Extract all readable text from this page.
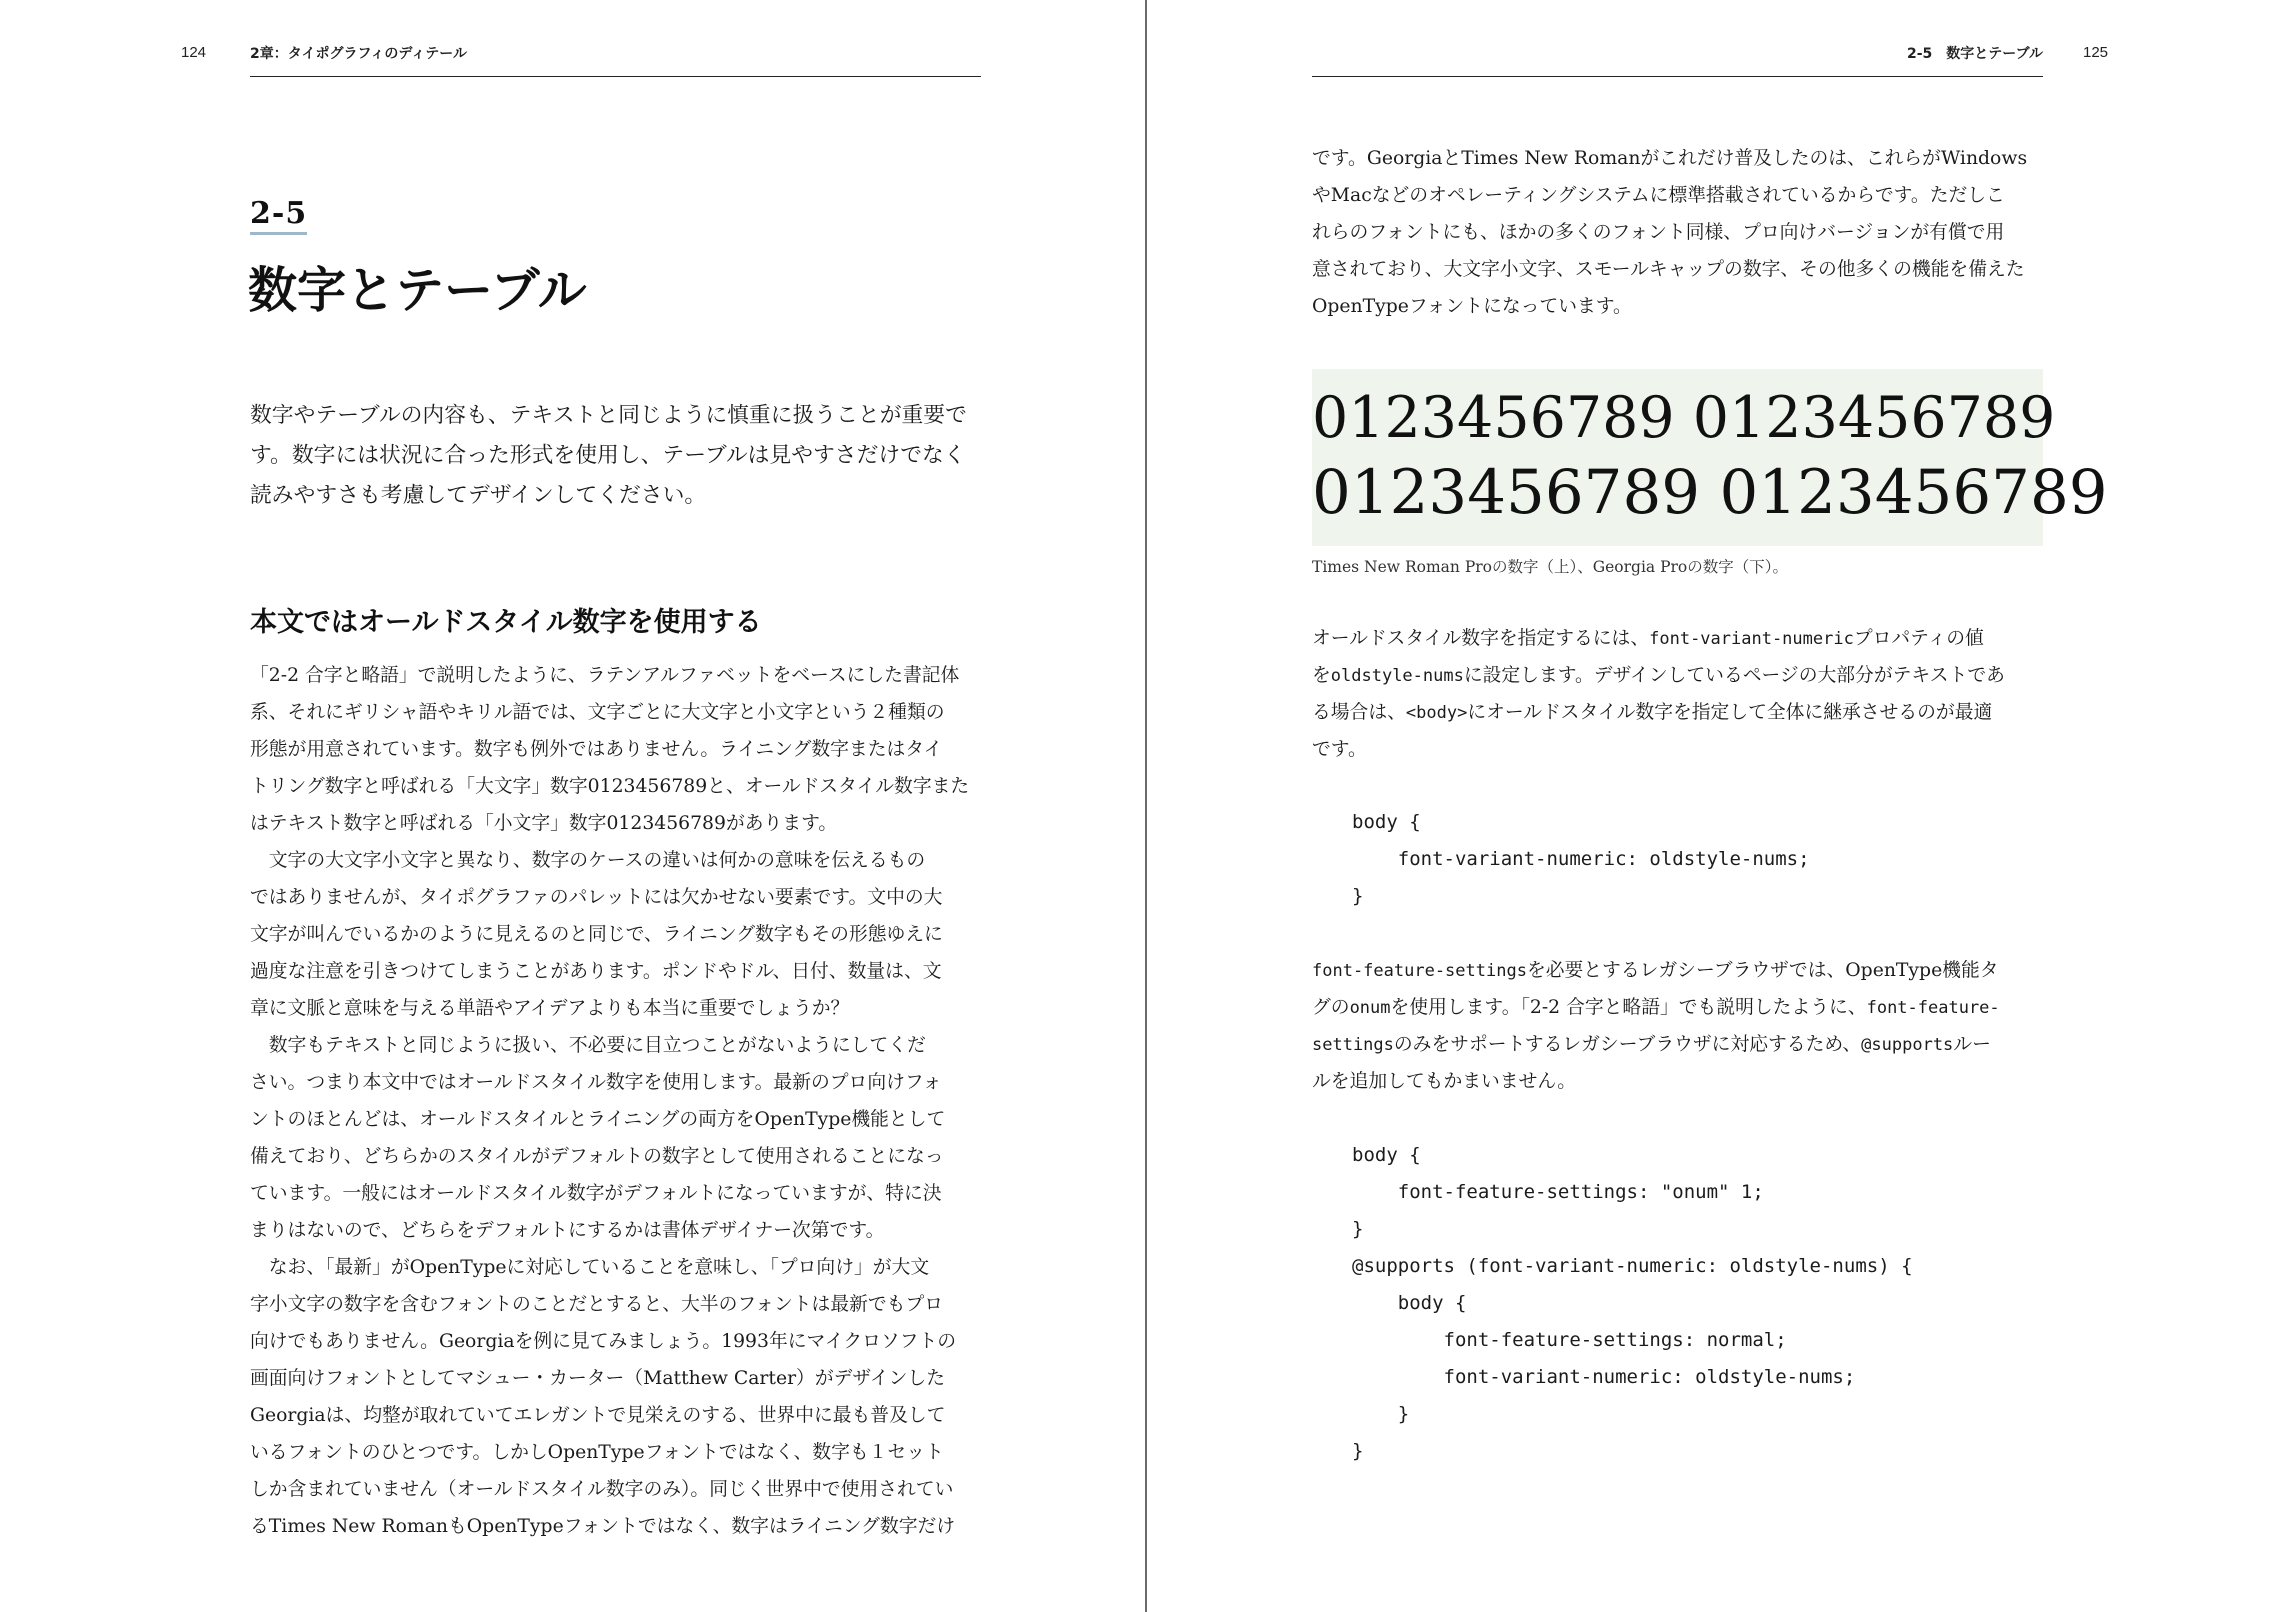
124	2章：タイポグラフィのディテール
2-5
数字とテーブル

数字やテーブルの内容も、テキストと同じように慎重に扱うことが重要です。数字には状況に合った形式を使用し、テーブルは見やすさだけでなく読みやすさも考慮してデザインしてください。

本文ではオールドスタイル数字を使用する
「2-2 合字と略語」で説明したように、ラテンアルファベットをベースにした書記体
系、それにギリシャ語やキリル語では、文字ごとに大文字と小文字という２種類の
形態が用意されています。数字も例外ではありません。ライニング数字またはタイ
トリング数字と呼ばれる「大文字」数字0123456789と、オールドスタイル数字また
はテキスト数字と呼ばれる「小文字」数字0123456789があります。
　文字の大文字小文字と異なり、数字のケースの違いは何かの意味を伝えるもの
ではありませんが、タイポグラファのパレットには欠かせない要素です。文中の大
文字が叫んでいるかのように見えるのと同じで、ライニング数字もその形態ゆえに
過度な注意を引きつけてしまうことがあります。ポンドやドル、日付、数量は、文
章に文脈と意味を与える単語やアイデアよりも本当に重要でしょうか？
　数字もテキストと同じように扱い、不必要に目立つことがないようにしてくだ
さい。つまり本文中ではオールドスタイル数字を使用します。最新のプロ向けフォ
ントのほとんどは、オールドスタイルとライニングの両方をOpenType機能として
備えており、どちらかのスタイルがデフォルトの数字として使用されることになっ
ています。一般にはオールドスタイル数字がデフォルトになっていますが、特に決
まりはないので、どちらをデフォルトにするかは書体デザイナー次第です。
　なお、「最新」がOpenTypeに対応していることを意味し、「プロ向け」が大文
字小文字の数字を含むフォントのことだとすると、大半のフォントは最新でもプロ
向けでもありません。Georgiaを例に見てみましょう。1993年にマイクロソフトの
画面向けフォントとしてマシュー・カーター（Matthew Carter）がデザインした
Georgiaは、均整が取れていてエレガントで見栄えのする、世界中に最も普及して
いるフォントのひとつです。しかしOpenTypeフォントではなく、数字も１セット
しか含まれていません（オールドスタイル数字のみ）。同じく世界中で使用されてい
るTimes New RomanもOpenTypeフォントではなく、数字はライニング数字だけ
2-5　数字とテーブル	125
です。GeorgiaとTimes New Romanがこれだけ普及したのは、これらがWindows
やMacなどのオペレーティングシステムに標準搭載されているからです。ただしこ
れらのフォントにも、ほかの多くのフォント同様、プロ向けバージョンが有償で用
意されており、大文字小文字、スモールキャップの数字、その他多くの機能を備えた
OpenTypeフォントになっています。
0123456789 0123456789
0123456789 0123456789
Times New Roman Proの数字（上）、Georgia Proの数字（下）。
オールドスタイル数字を指定するには、font-variant-numericプロパティの値
をoldstyle-numsに設定します。デザインしているページの大部分がテキストであ
る場合は、<body>にオールドスタイル数字を指定して全体に継承させるのが最適
です。
body {
font-variant-numeric: oldstyle-nums;
}
font-feature-settingsを必要とするレガシーブラウザでは、OpenType機能タ
グのonumを使用します。「2-2 合字と略語」でも説明したように、font-feature-
settingsのみをサポートするレガシーブラウザに対応するため、@supportsルー
ルを追加してもかまいません。
body {
font-feature-settings: "onum" 1;
}
@supports (font-variant-numeric: oldstyle-nums) {
body {
font-feature-settings: normal;
font-variant-numeric: oldstyle-nums;
}
}
